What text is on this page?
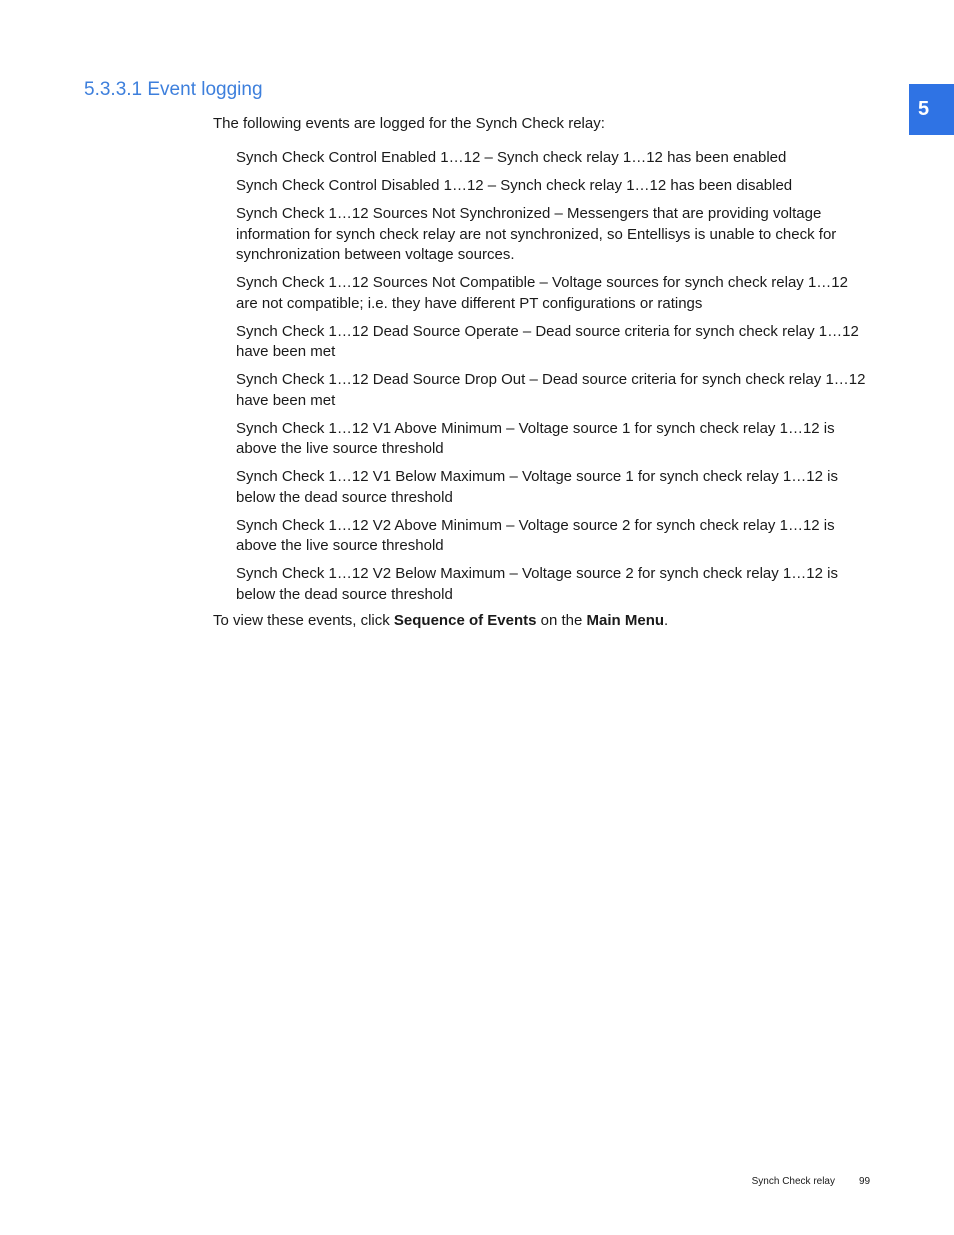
5.3.3.1 Event logging
5

The following events are logged for the Synch Check relay:

Synch Check Control Enabled 1…12 – Synch check relay 1…12 has been enabled
Synch Check Control Disabled 1…12 – Synch check relay 1…12 has been disabled
Synch Check 1…12 Sources Not Synchronized – Messengers that are providing voltage information for synch check relay are not synchronized, so Entellisys is unable to check for synchronization between voltage sources.
Synch Check 1…12 Sources Not Compatible – Voltage sources for synch check relay 1…12 are not compatible; i.e. they have different PT configurations or ratings
Synch Check 1…12 Dead Source Operate – Dead source criteria for synch check relay 1…12 have been met
Synch Check 1…12 Dead Source Drop Out – Dead source criteria for synch check relay 1…12 have been met
Synch Check 1…12 V1 Above Minimum – Voltage source 1 for synch check relay 1…12 is above the live source threshold
Synch Check 1…12 V1 Below Maximum – Voltage source 1 for synch check relay 1…12 is below the dead source threshold
Synch Check 1…12 V2 Above Minimum – Voltage source 2 for synch check relay 1…12 is above the live source threshold
Synch Check 1…12 V2 Below Maximum – Voltage source 2 for synch check relay 1…12 is below the dead source threshold

To view these events, click Sequence of Events on the Main Menu.

Synch Check relay 99
